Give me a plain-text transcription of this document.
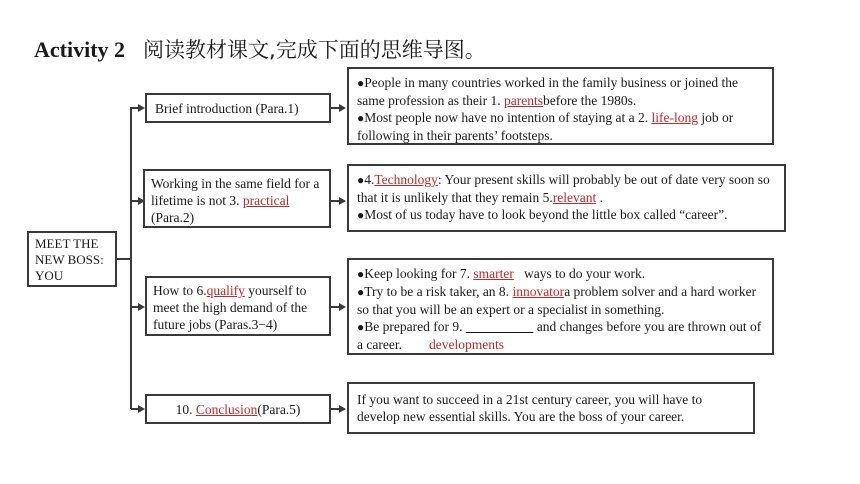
Activity 2 阅读教材课文,完成下面的思维导图。
MEET THE NEW BOSS: YOU
Brief introduction (Para.1)
● People in many countries worked in the family business or joined the same profession as their 1. parentsbefore the 1980s.
● Most people now have no intention of staying at a 2. life-long job or following in their parents’ footsteps.
Working in the same field for a lifetime is not 3. practical
(Para.2)
● 4.Technology: Your present skills will probably be out of date very soon so that it is unlikely that they remain 5.relevant .
● Most of us today have to look beyond the little box called “career”.
How to 6.qualify yourself to meet the high demand of the future jobs (Paras.3−4)
● Keep looking for 7. smarter ways to do your work.
● Try to be a risk taker, an 8. innovatora problem solver and a hard worker so that you will be an expert or a specialist in something.
● Be prepared for 9.	and changes before you are thrown out of a career. developments
10. Conclusion(Para.5)
If you want to succeed in a 21st century career, you will have to develop new essential skills. You are the boss of your career.
